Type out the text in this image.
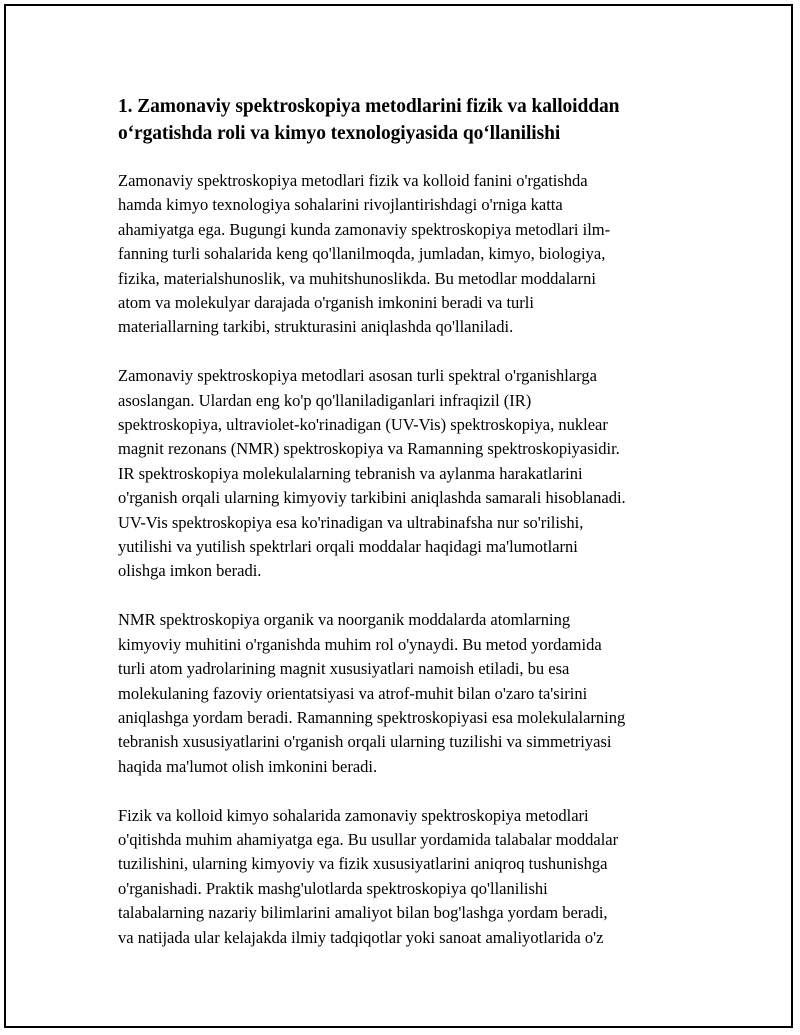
1. Zamonaviy spektroskopiya metodlarini fizik va kalloiddan
o‘rgatishda roli va kimyo texnologiyasida qo‘llanilishi

Zamonaviy spektroskopiya metodlari fizik va kolloid fanini o'rgatishda
hamda kimyo texnologiya sohalarini rivojlantirishdagi o'rniga katta
ahamiyatga ega. Bugungi kunda zamonaviy spektroskopiya metodlari ilm-
fanning turli sohalarida keng qo'llanilmoqda, jumladan, kimyo, biologiya,
fizika, materialshunoslik, va muhitshunoslikda. Bu metodlar moddalarni
atom va molekulyar darajada o'rganish imkonini beradi va turli
materiallarning tarkibi, strukturasini aniqlashda qo'llaniladi.

Zamonaviy spektroskopiya metodlari asosan turli spektral o'rganishlarga
asoslangan. Ulardan eng ko'p qo'llaniladiganlari infraqizil (IR)
spektroskopiya, ultraviolet-ko'rinadigan (UV-Vis) spektroskopiya, nuklear
magnit rezonans (NMR) spektroskopiya va Ramanning spektroskopiyasidir.
IR spektroskopiya molekulalarning tebranish va aylanma harakatlarini
o'rganish orqali ularning kimyoviy tarkibini aniqlashda samarali hisoblanadi.
UV-Vis spektroskopiya esa ko'rinadigan va ultrabinafsha nur so'rilishi,
yutilishi va yutilish spektrlari orqali moddalar haqidagi ma'lumotlarni
olishga imkon beradi.

NMR spektroskopiya organik va noorganik moddalarda atomlarning
kimyoviy muhitini o'rganishda muhim rol o'ynaydi. Bu metod yordamida
turli atom yadrolarining magnit xususiyatlari namoish etiladi, bu esa
molekulaning fazoviy orientatsiyasi va atrof-muhit bilan o'zaro ta'sirini
aniqlashga yordam beradi. Ramanning spektroskopiyasi esa molekulalarning
tebranish xususiyatlarini o'rganish orqali ularning tuzilishi va simmetriyasi
haqida ma'lumot olish imkonini beradi.

Fizik va kolloid kimyo sohalarida zamonaviy spektroskopiya metodlari
o'qitishda muhim ahamiyatga ega. Bu usullar yordamida talabalar moddalar
tuzilishini, ularning kimyoviy va fizik xususiyatlarini aniqroq tushunishga
o'rganishadi. Praktik mashg'ulotlarda spektroskopiya qo'llanilishi
talabalarning nazariy bilimlarini amaliyot bilan bog'lashga yordam beradi,
va natijada ular kelajakda ilmiy tadqiqotlar yoki sanoat amaliyotlarida o'z
